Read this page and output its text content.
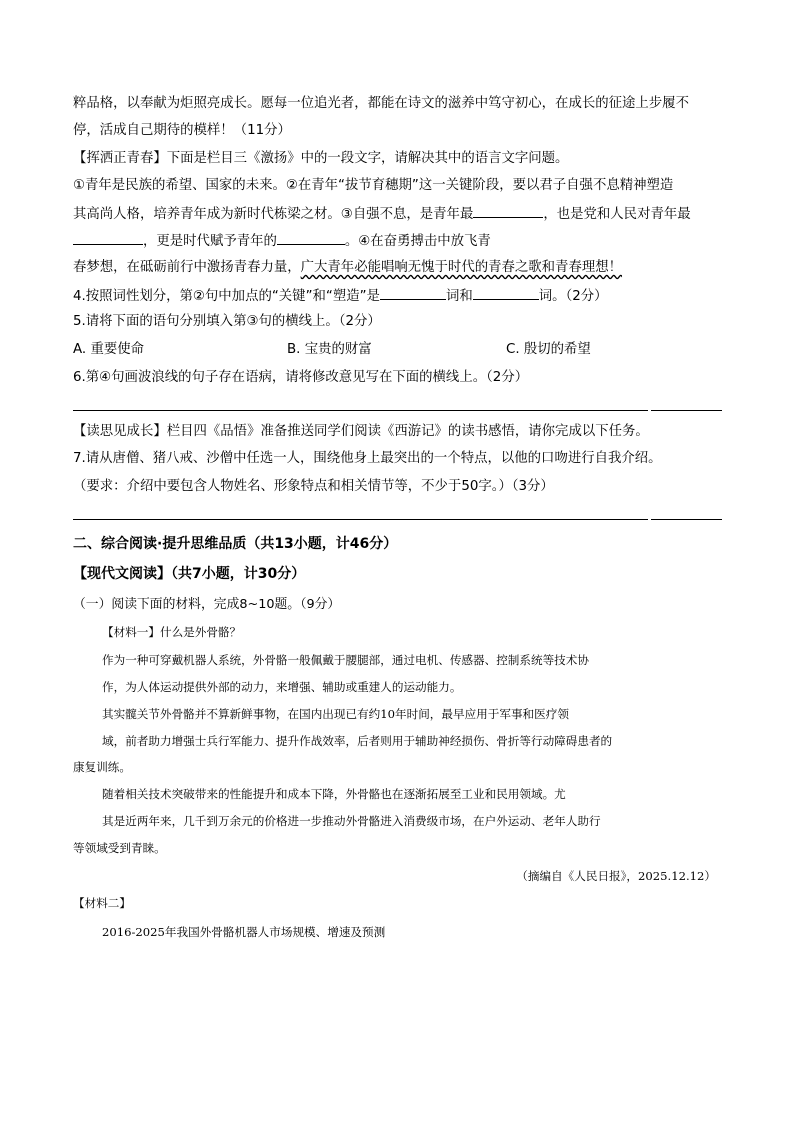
粹品格，以奉献为炬照亮成长。愿每一位追光者，都能在诗文的滋养中笃守初心，在成长的征途上步履不
停，活成自己期待的模样！（11分）
【挥洒正青春】下面是栏目三《激扬》中的一段文字，请解决其中的语言文字问题。
①青年是民族的希望、国家的未来。②在青年“拔节育穗期”这一关键阶段，要以君子自强不息精神塑造
其高尚人格，培养青年成为新时代栋梁之材。③自强不息，是青年最	，也是党和人民对青年最
，更是时代赋予青年的	。④在奋勇搏击中放飞青
春梦想，在砥砺前行中激扬青春力量，广大青年必能唱响无愧于时代的青春之歌和青春理想！
4.按照词性划分，第②句中加点的“关键”和“塑造”是	词和	词。（2分）
5.请将下面的语句分别填入第③句的横线上。（2分）
A. 重要使命	B. 宝贵的财富	C. 殷切的希望
6.第④句画波浪线的句子存在语病，请将修改意见写在下面的横线上。（2分）
【读思见成长】栏目四《品悟》准备推送同学们阅读《西游记》的读书感悟，请你完成以下任务。
7.请从唐僧、猪八戒、沙僧中任选一人，围绕他身上最突出的一个特点，以他的口吻进行自我介绍。
（要求：介绍中要包含人物姓名、形象特点和相关情节等，不少于50字。）（3分）
二、综合阅读·提升思维品质（共13小题，计46分）
【现代文阅读】（共7小题，计30分）
（一）阅读下面的材料，完成8~10题。（9分）
【材料一】什么是外骨骼？
作为一种可穿戴机器人系统，外骨骼一般佩戴于腰腿部，通过电机、传感器、控制系统等技术协
作，为人体运动提供外部的动力，来增强、辅助或重建人的运动能力。
其实髋关节外骨骼并不算新鲜事物，在国内出现已有约10年时间，最早应用于军事和医疗领
域，前者助力增强士兵行军能力、提升作战效率，后者则用于辅助神经损伤、骨折等行动障碍患者的
康复训练。
随着相关技术突破带来的性能提升和成本下降，外骨骼也在逐渐拓展至工业和民用领域。尤
其是近两年来，几千到万余元的价格进一步推动外骨骼进入消费级市场，在户外运动、老年人助行
等领域受到青睐。
（摘编自《人民日报》，2025.12.12）
【材料二】
2016-2025年我国外骨骼机器人市场规模、增速及预测
